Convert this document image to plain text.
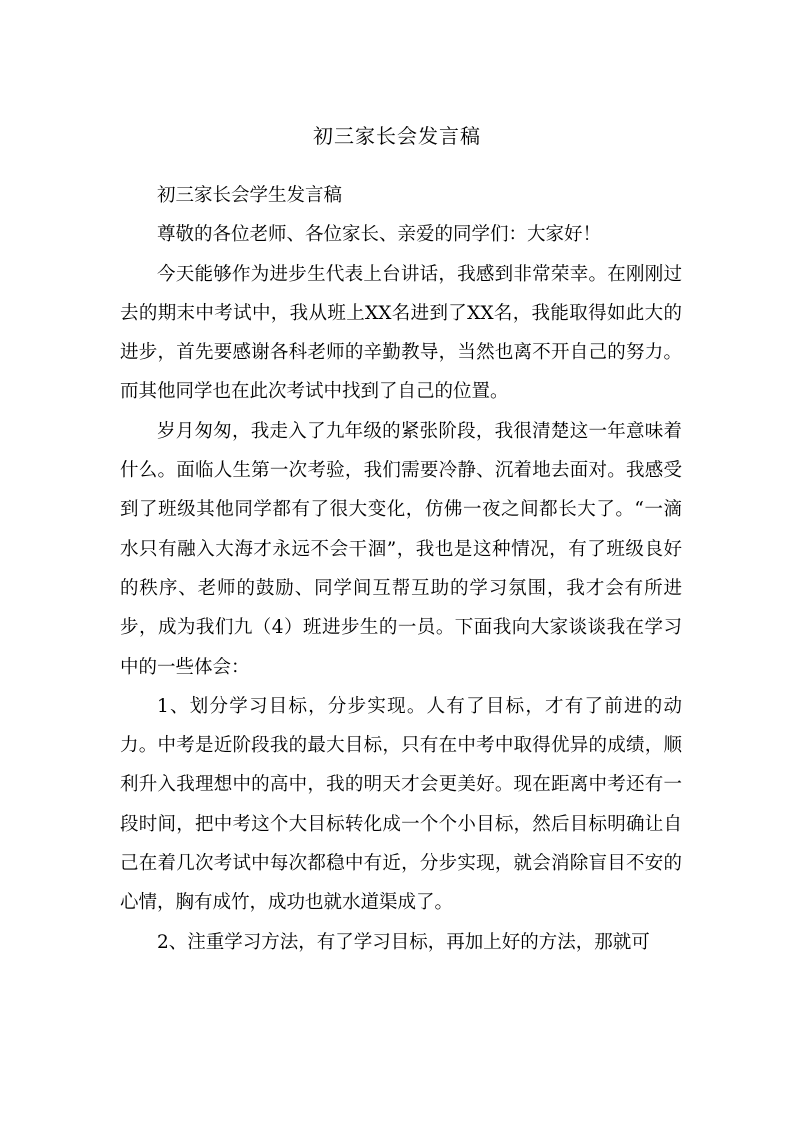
初三家长会发言稿

初三家长会学生发言稿

尊敬的各位老师、各位家长、亲爱的同学们：大家好！

今天能够作为进步生代表上台讲话，我感到非常荣幸。在刚刚过去的期末中考试中，我从班上XX名进到了XX名，我能取得如此大的进步，首先要感谢各科老师的辛勤教导，当然也离不开自己的努力。而其他同学也在此次考试中找到了自己的位置。

岁月匆匆，我走入了九年级的紧张阶段，我很清楚这一年意味着什么。面临人生第一次考验，我们需要冷静、沉着地去面对。我感受到了班级其他同学都有了很大变化，仿佛一夜之间都长大了。“一滴水只有融入大海才永远不会干涸”，我也是这种情况，有了班级良好的秩序、老师的鼓励、同学间互帮互助的学习氛围，我才会有所进步，成为我们九（4）班进步生的一员。下面我向大家谈谈我在学习中的一些体会：

1、划分学习目标，分步实现。人有了目标，才有了前进的动力。中考是近阶段我的最大目标，只有在中考中取得优异的成绩，顺利升入我理想中的高中，我的明天才会更美好。现在距离中考还有一段时间，把中考这个大目标转化成一个个小目标，然后目标明确让自己在着几次考试中每次都稳中有近，分步实现，就会消除盲目不安的心情，胸有成竹，成功也就水道渠成了。

2、注重学习方法，有了学习目标，再加上好的方法，那就可
